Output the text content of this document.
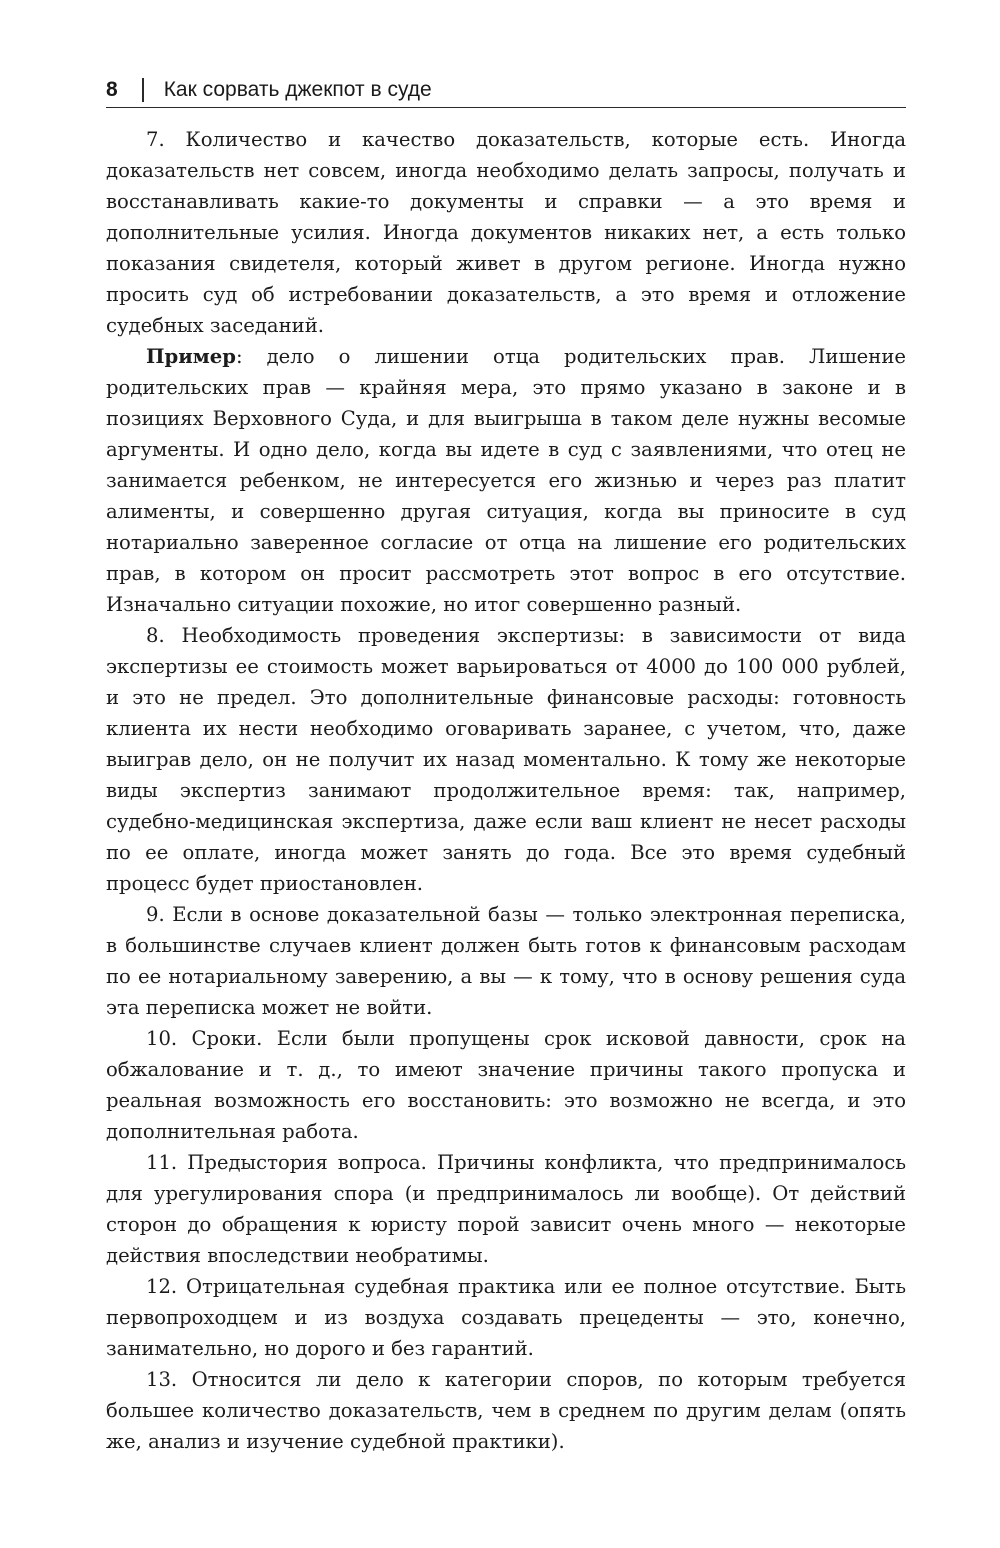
8 Как сорвать джекпот в суде

7. Количество и качество доказательств, которые есть. Иногда доказательств нет совсем, иногда необходимо делать запросы, получать и восстанавливать какие-то документы и справки — а это время и дополнительные усилия. Иногда документов никаких нет, а есть только показания свидетеля, который живет в другом регионе. Иногда нужно просить суд об истребовании доказательств, а это время и отложение судебных заседаний.

Пример: дело о лишении отца родительских прав. Лишение родительских прав — крайняя мера, это прямо указано в законе и в позициях Верховного Суда, и для выигрыша в таком деле нужны весомые аргументы. И одно дело, когда вы идете в суд с заявлениями, что отец не занимается ребенком, не интересуется его жизнью и через раз платит алименты, и совершенно другая ситуация, когда вы приносите в суд нотариально заверенное согласие от отца на лишение его родительских прав, в котором он просит рассмотреть этот вопрос в его отсутствие. Изначально ситуации похожие, но итог совершенно разный.

8. Необходимость проведения экспертизы: в зависимости от вида экспертизы ее стоимость может варьироваться от 4000 до 100 000 рублей, и это не предел. Это дополнительные финансовые расходы: готовность клиента их нести необходимо оговаривать заранее, с учетом, что, даже выиграв дело, он не получит их назад моментально. К тому же некоторые виды экспертиз занимают продолжительное время: так, например, судебно-медицинская экспертиза, даже если ваш клиент не несет расходы по ее оплате, иногда может занять до года. Все это время судебный процесс будет приостановлен.

9. Если в основе доказательной базы — только электронная переписка, в большинстве случаев клиент должен быть готов к финансовым расходам по ее нотариальному заверению, а вы — к тому, что в основу решения суда эта переписка может не войти.

10. Сроки. Если были пропущены срок исковой давности, срок на обжалование и т. д., то имеют значение причины такого пропуска и реальная возможность его восстановить: это возможно не всегда, и это дополнительная работа.

11. Предыстория вопроса. Причины конфликта, что предпринималось для урегулирования спора (и предпринималось ли вообще). От действий сторон до обращения к юристу порой зависит очень много — некоторые действия впоследствии необратимы.

12. Отрицательная судебная практика или ее полное отсутствие. Быть первопроходцем и из воздуха создавать прецеденты — это, конечно, занимательно, но дорого и без гарантий.

13. Относится ли дело к категории споров, по которым требуется большее количество доказательств, чем в среднем по другим делам (опять же, анализ и изучение судебной практики).
